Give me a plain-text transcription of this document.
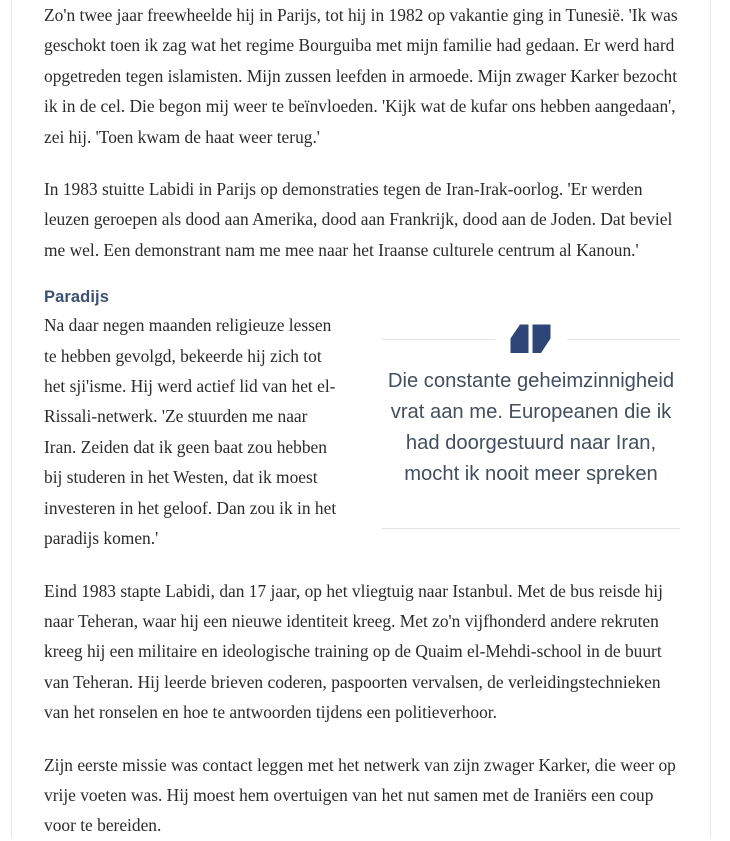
Zo'n twee jaar freewheelde hij in Parijs, tot hij in 1982 op vakantie ging in Tunesië. 'Ik was geschokt toen ik zag wat het regime Bourguiba met mijn familie had gedaan. Er werd hard opgetreden tegen islamisten. Mijn zussen leefden in armoede. Mijn zwager Karker bezocht ik in de cel. Die begon mij weer te beïnvloeden. 'Kijk wat de kufar ons hebben aangedaan', zei hij. 'Toen kwam de haat weer terug.'

In 1983 stuitte Labidi in Parijs op demonstraties tegen de Iran-Irak-oorlog. 'Er werden leuzen geroepen als dood aan Amerika, dood aan Frankrijk, dood aan de Joden. Dat beviel me wel. Een demonstrant nam me mee naar het Iraanse culturele centrum al Kanoun.'

Paradijs
Die constante geheimzinnigheid vrat aan me. Europeanen die ik had doorgestuurd naar Iran, mocht ik nooit meer spreken

Na daar negen maanden religieuze lessen te hebben gevolgd, bekeerde hij zich tot het sji'isme. Hij werd actief lid van het el-Rissali-netwerk. 'Ze stuurden me naar Iran. Zeiden dat ik geen baat zou hebben bij studeren in het Westen, dat ik moest investeren in het geloof. Dan zou ik in het paradijs komen.'

Eind 1983 stapte Labidi, dan 17 jaar, op het vliegtuig naar Istanbul. Met de bus reisde hij naar Teheran, waar hij een nieuwe identiteit kreeg. Met zo'n vijfhonderd andere rekruten kreeg hij een militaire en ideologische training op de Quaim el-Mehdi-school in de buurt van Teheran. Hij leerde brieven coderen, paspoorten vervalsen, de verleidingstechnieken van het ronselen en hoe te antwoorden tijdens een politieverhoor.

Zijn eerste missie was contact leggen met het netwerk van zijn zwager Karker, die weer op vrije voeten was. Hij moest hem overtuigen van het nut samen met de Iraniërs een coup voor te bereiden.
